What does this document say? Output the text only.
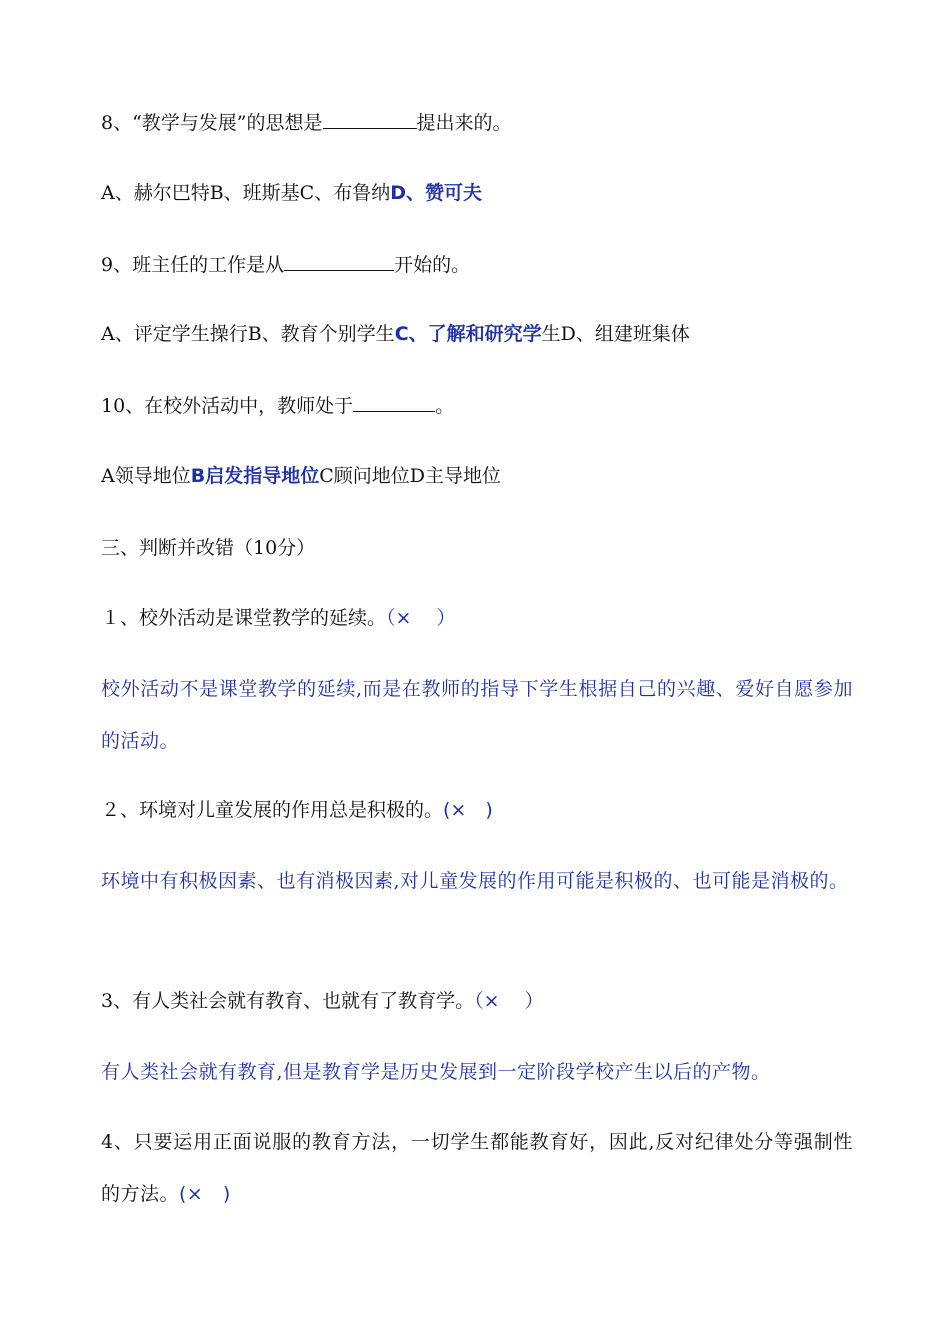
8、“教学与发展”的思想是	提出来的。
A、赫尔巴特B、班斯基C、布鲁纳D、赞可夫
9、班主任的工作是从	开始的。
A、评定学生操行B、教育个别学生C、了解和研究学生D、组建班集体
10、在校外活动中，教师处于	。
A领导地位B启发指导地位C顾问地位D主导地位
三、判断并改错（10分）
１、校外活动是课堂教学的延续。（×　 ）
校外活动不是课堂教学的延续,而是在教师的指导下学生根据自己的兴趣、爱好自愿参加的活动。
２、环境对儿童发展的作用总是积极的。(×　)
环境中有积极因素、也有消极因素,对儿童发展的作用可能是积极的、也可能是消极的。
3、有人类社会就有教育、也就有了教育学。（×　 ）
有人类社会就有教育,但是教育学是历史发展到一定阶段学校产生以后的产物。
4、只要运用正面说服的教育方法，一切学生都能教育好，因此,反对纪律处分等强制性的方法。(×　)
